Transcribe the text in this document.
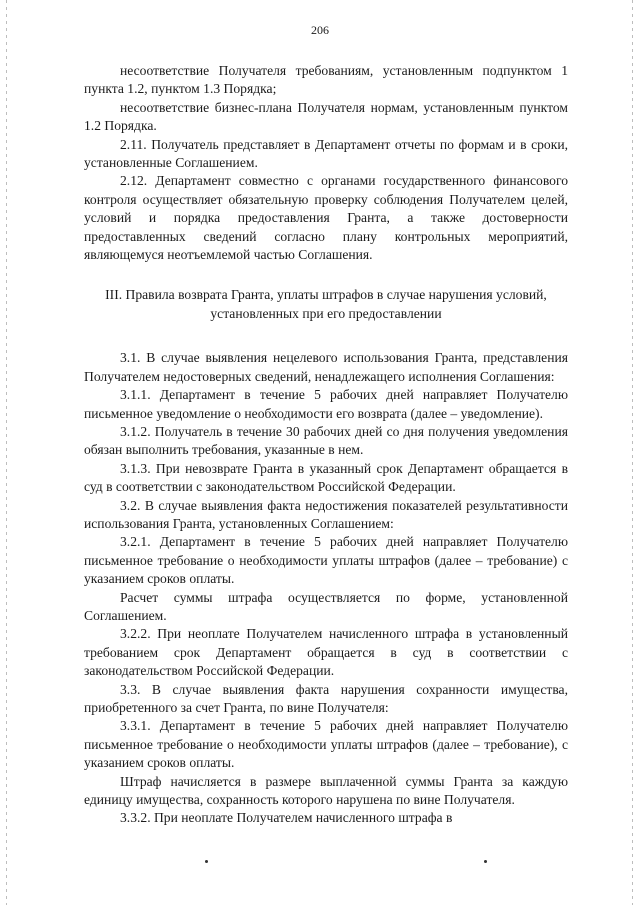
206

несоответствие Получателя требованиям, установленным подпунктом 1 пункта 1.2, пунктом 1.3 Порядка;

несоответствие бизнес-плана Получателя нормам, установленным пунктом 1.2 Порядка.

2.11. Получатель представляет в Департамент отчеты по формам и в сроки, установленные Соглашением.

2.12. Департамент совместно с органами государственного финансового контроля осуществляет обязательную проверку соблюдения Получателем целей, условий и порядка предоставления Гранта, а также достоверности предоставленных сведений согласно плану контрольных мероприятий, являющемуся неотъемлемой частью Соглашения.

III. Правила возврата Гранта, уплаты штрафов в случае нарушения условий, установленных при его предоставлении

3.1. В случае выявления нецелевого использования Гранта, представления Получателем недостоверных сведений, ненадлежащего исполнения Соглашения:

3.1.1. Департамент в течение 5 рабочих дней направляет Получателю письменное уведомление о необходимости его возврата (далее – уведомление).

3.1.2. Получатель в течение 30 рабочих дней со дня получения уведомления обязан выполнить требования, указанные в нем.

3.1.3. При невозврате Гранта в указанный срок Департамент обращается в суд в соответствии с законодательством Российской Федерации.

3.2. В случае выявления факта недостижения показателей результативности использования Гранта, установленных Соглашением:

3.2.1. Департамент в течение 5 рабочих дней направляет Получателю письменное требование о необходимости уплаты штрафов (далее – требование) с указанием сроков оплаты.

Расчет суммы штрафа осуществляется по форме, установленной Соглашением.

3.2.2. При неоплате Получателем начисленного штрафа в установленный требованием срок Департамент обращается в суд в соответствии с законодательством Российской Федерации.

3.3. В случае выявления факта нарушения сохранности имущества, приобретенного за счет Гранта, по вине Получателя:

3.3.1. Департамент в течение 5 рабочих дней направляет Получателю письменное требование о необходимости уплаты штрафов (далее – требование), с указанием сроков оплаты.

Штраф начисляется в размере выплаченной суммы Гранта за каждую единицу имущества, сохранность которого нарушена по вине Получателя.

3.3.2. При неоплате Получателем начисленного штрафа в
